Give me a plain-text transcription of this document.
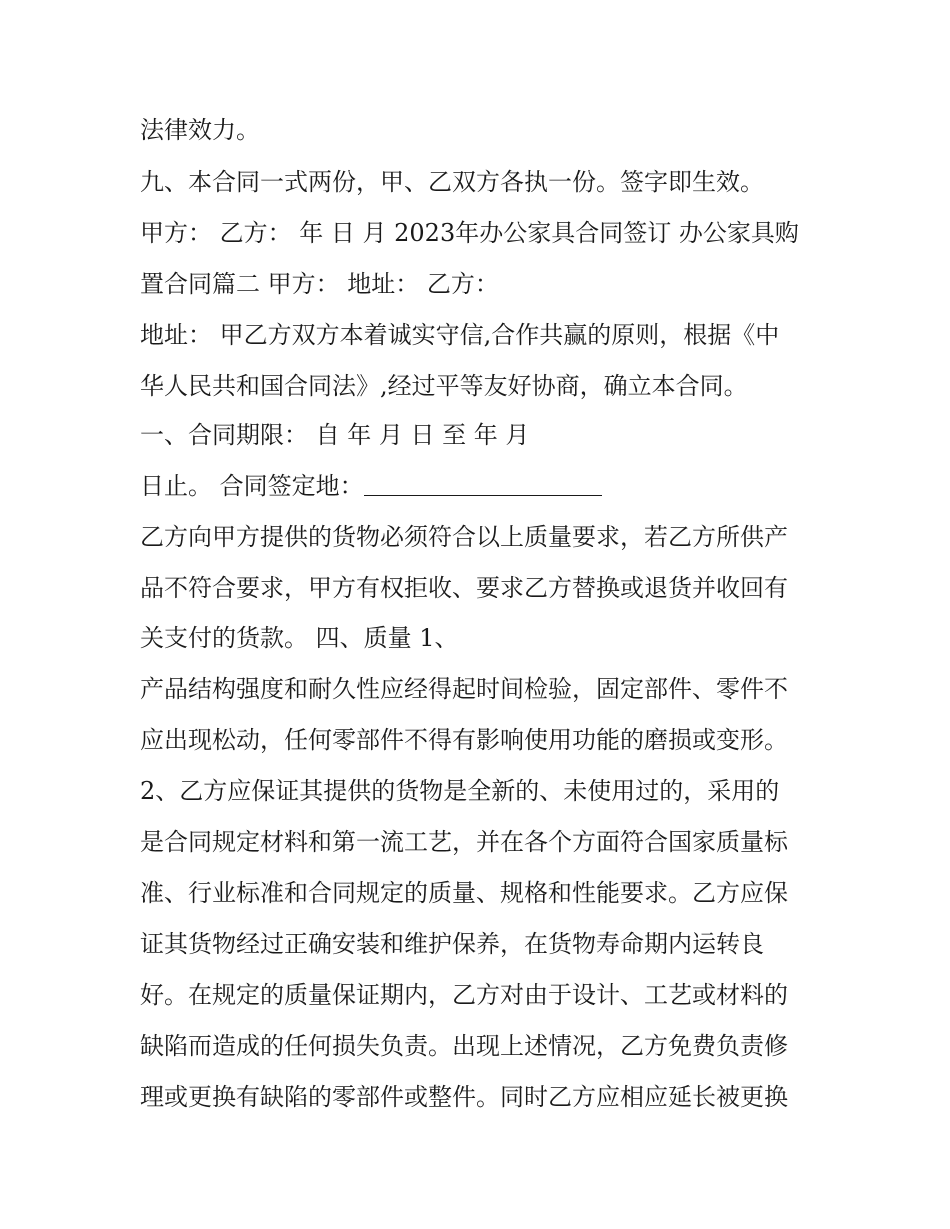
法律效力。
九、本合同一式两份，甲、乙双方各执一份。签字即生效。
甲方： 乙方： 年 日 月 2023年办公家具合同签订 办公家具购
置合同篇二 甲方： 地址： 乙方：
地址： 甲乙方双方本着诚实守信,合作共赢的原则，根据《中
华人民共和国合同法》,经过平等友好协商，确立本合同。
一、合同期限： 自 年 月 日 至 年 月
日止。 合同签定地：
乙方向甲方提供的货物必须符合以上质量要求，若乙方所供产
品不符合要求，甲方有权拒收、要求乙方替换或退货并收回有
关支付的货款。 四、质量 1、
产品结构强度和耐久性应经得起时间检验，固定部件、零件不
应出现松动，任何零部件不得有影响使用功能的磨损或变形。
2、乙方应保证其提供的货物是全新的、未使用过的，采用的
是合同规定材料和第一流工艺，并在各个方面符合国家质量标
准、行业标准和合同规定的质量、规格和性能要求。乙方应保
证其货物经过正确安装和维护保养，在货物寿命期内运转良
好。在规定的质量保证期内，乙方对由于设计、工艺或材料的
缺陷而造成的任何损失负责。出现上述情况，乙方免费负责修
理或更换有缺陷的零部件或整件。同时乙方应相应延长被更换
